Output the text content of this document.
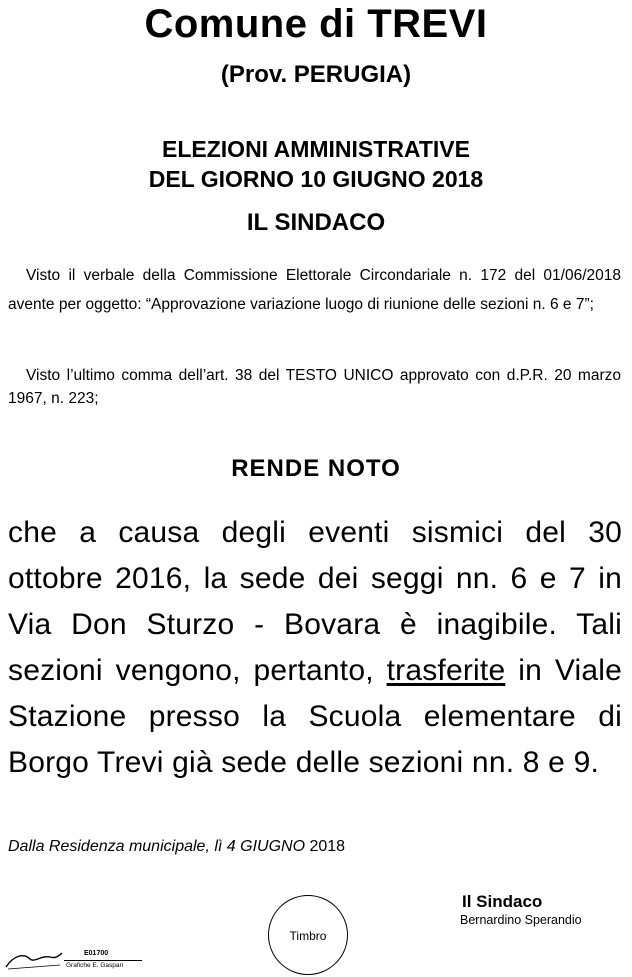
Comune di TREVI
(Prov. PERUGIA)
ELEZIONI AMMINISTRATIVE
DEL GIORNO 10 GIUGNO 2018
IL SINDACO
Visto il verbale della Commissione Elettorale Circondariale n. 172 del 01/06/2018 avente per oggetto: “Approvazione variazione luogo di riunione delle sezioni n. 6 e 7”;
Visto l’ultimo comma dell’art. 38 del TESTO UNICO approvato con d.P.R. 20 marzo 1967, n. 223;
RENDE NOTO
che a causa degli eventi sismici del 30 ottobre 2016, la sede dei seggi nn. 6 e 7 in Via Don Sturzo - Bovara è inagibile. Tali sezioni vengono, pertanto, trasferite in Viale Stazione presso la Scuola elementare di Borgo Trevi già sede delle sezioni nn. 8 e 9.
Dalla Residenza municipale, lì 4 GIUGNO 2018
Timbro
Il Sindaco
Bernardino Sperandio
E01700
Grafiche E. Gaspari
